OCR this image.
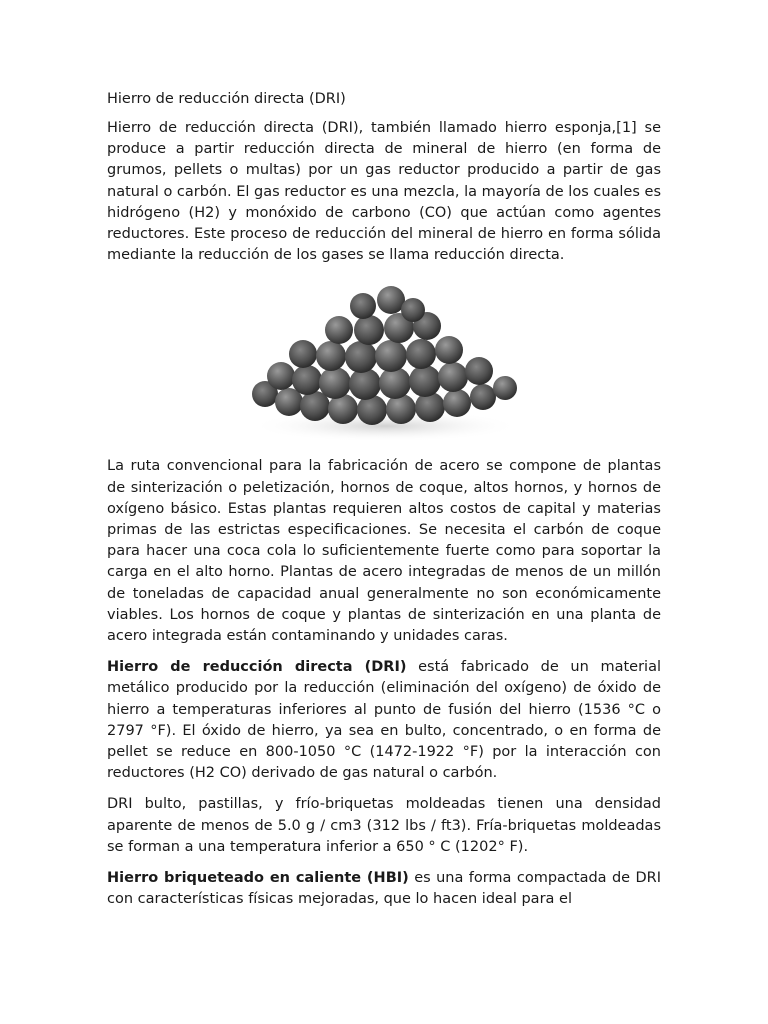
Hierro de reducción directa (DRI)

Hierro de reducción directa (DRI), también llamado hierro esponja,[1] se produce a partir reducción directa de mineral de hierro (en forma de grumos, pellets o multas) por un gas reductor producido a partir de gas natural o carbón. El gas reductor es una mezcla, la mayoría de los cuales es hidrógeno (H2) y monóxido de carbono (CO) que actúan como agentes reductores. Este proceso de reducción del mineral de hierro en forma sólida mediante la reducción de los gases se llama reducción directa.

La ruta convencional para la fabricación de acero se compone de plantas de sinterización o peletización, hornos de coque, altos hornos, y hornos de oxígeno básico. Estas plantas requieren altos costos de capital y materias primas de las estrictas especificaciones. Se necesita el carbón de coque para hacer una coca cola lo suficientemente fuerte como para soportar la carga en el alto horno. Plantas de acero integradas de menos de un millón de toneladas de capacidad anual generalmente no son económicamente viables. Los hornos de coque y plantas de sinterización en una planta de acero integrada están contaminando y unidades caras.

Hierro de reducción directa (DRI) está fabricado de un material metálico producido por la reducción (eliminación del oxígeno) de óxido de hierro a temperaturas inferiores al punto de fusión del hierro (1536 °C o 2797 °F). El óxido de hierro, ya sea en bulto, concentrado, o en forma de pellet se reduce en 800-1050 °C (1472-1922 °F) por la interacción con reductores (H2 CO) derivado de gas natural o carbón.

DRI bulto, pastillas, y frío-briquetas moldeadas tienen una densidad aparente de menos de 5.0 g / cm3 (312 lbs / ft3). Fría-briquetas moldeadas se forman a una temperatura inferior a 650 ° C (1202° F).

Hierro briqueteado en caliente (HBI) es una forma compactada de DRI con características físicas mejoradas, que lo hacen ideal para el
